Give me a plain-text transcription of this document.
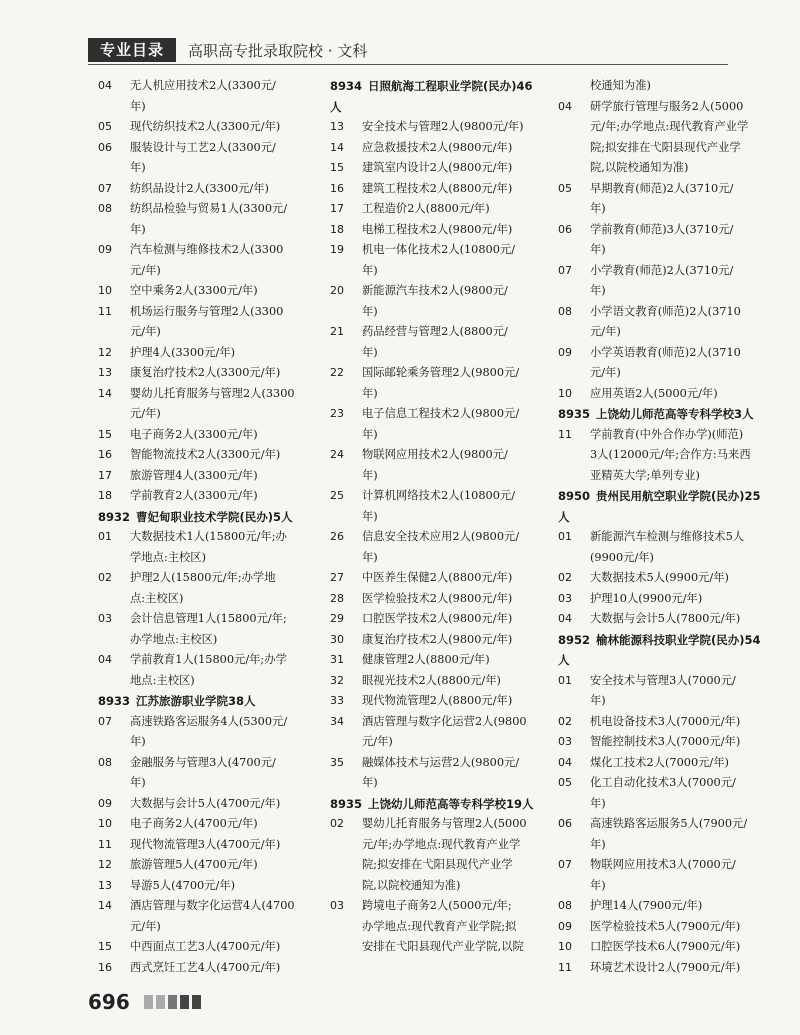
专业目录	高职高专批录取院校 · 文科
04	无人机应用技术2人(3300元/
年)
05	现代纺织技术2人(3300元/年)
06	服装设计与工艺2人(3300元/
年)
07	纺织品设计2人(3300元/年)
08	纺织品检验与贸易1人(3300元/
年)
09	汽车检测与维修技术2人(3300
元/年)
10	空中乘务2人(3300元/年)
11	机场运行服务与管理2人(3300
元/年)
12	护理4人(3300元/年)
13	康复治疗技术2人(3300元/年)
14	婴幼儿托育服务与管理2人(3300
元/年)
15	电子商务2人(3300元/年)
16	智能物流技术2人(3300元/年)
17	旅游管理4人(3300元/年)
18	学前教育2人(3300元/年)
8932 曹妃甸职业技术学院(民办)5人
01	大数据技术1人(15800元/年;办
学地点:主校区)
02	护理2人(15800元/年;办学地
点:主校区)
03	会计信息管理1人(15800元/年;
办学地点:主校区)
04	学前教育1人(15800元/年;办学
地点:主校区)
8933 江苏旅游职业学院38人
07	高速铁路客运服务4人(5300元/
年)
08	金融服务与管理3人(4700元/
年)
09	大数据与会计5人(4700元/年)
10	电子商务2人(4700元/年)
11	现代物流管理3人(4700元/年)
12	旅游管理5人(4700元/年)
13	导游5人(4700元/年)
14	酒店管理与数字化运营4人(4700
元/年)
15	中西面点工艺3人(4700元/年)
16	西式烹饪工艺4人(4700元/年)
8934 日照航海工程职业学院(民办)46
人
13	安全技术与管理2人(9800元/年)
14	应急救援技术2人(9800元/年)
15	建筑室内设计2人(9800元/年)
16	建筑工程技术2人(8800元/年)
17	工程造价2人(8800元/年)
18	电梯工程技术2人(9800元/年)
19	机电一体化技术2人(10800元/
年)
20	新能源汽车技术2人(9800元/
年)
21	药品经营与管理2人(8800元/
年)
22	国际邮轮乘务管理2人(9800元/
年)
23	电子信息工程技术2人(9800元/
年)
24	物联网应用技术2人(9800元/
年)
25	计算机网络技术2人(10800元/
年)
26	信息安全技术应用2人(9800元/
年)
27	中医养生保健2人(8800元/年)
28	医学检验技术2人(9800元/年)
29	口腔医学技术2人(9800元/年)
30	康复治疗技术2人(9800元/年)
31	健康管理2人(8800元/年)
32	眼视光技术2人(8800元/年)
33	现代物流管理2人(8800元/年)
34	酒店管理与数字化运营2人(9800
元/年)
35	融媒体技术与运营2人(9800元/
年)
8935 上饶幼儿师范高等专科学校19人
02	婴幼儿托育服务与管理2人(5000
元/年;办学地点:现代教育产业学
院;拟安排在弋阳县现代产业学
院,以院校通知为准)
03	跨境电子商务2人(5000元/年;
办学地点:现代教育产业学院;拟
安排在弋阳县现代产业学院,以院
校通知为准)
04	研学旅行管理与服务2人(5000
元/年;办学地点:现代教育产业学
院;拟安排在弋阳县现代产业学
院,以院校通知为准)
05	早期教育(师范)2人(3710元/
年)
06	学前教育(师范)3人(3710元/
年)
07	小学教育(师范)2人(3710元/
年)
08	小学语文教育(师范)2人(3710
元/年)
09	小学英语教育(师范)2人(3710
元/年)
10	应用英语2人(5000元/年)
8935 上饶幼儿师范高等专科学校3人
11	学前教育(中外合作办学)(师范)
3人(12000元/年;合作方:马来西
亚精英大学;单列专业)
8950 贵州民用航空职业学院(民办)25
人
01	新能源汽车检测与维修技术5人
(9900元/年)
02	大数据技术5人(9900元/年)
03	护理10人(9900元/年)
04	大数据与会计5人(7800元/年)
8952 榆林能源科技职业学院(民办)54
人
01	安全技术与管理3人(7000元/
年)
02	机电设备技术3人(7000元/年)
03	智能控制技术3人(7000元/年)
04	煤化工技术2人(7000元/年)
05	化工自动化技术3人(7000元/
年)
06	高速铁路客运服务5人(7900元/
年)
07	物联网应用技术3人(7000元/
年)
08	护理14人(7900元/年)
09	医学检验技术5人(7900元/年)
10	口腔医学技术6人(7900元/年)
11	环境艺术设计2人(7900元/年)
696
